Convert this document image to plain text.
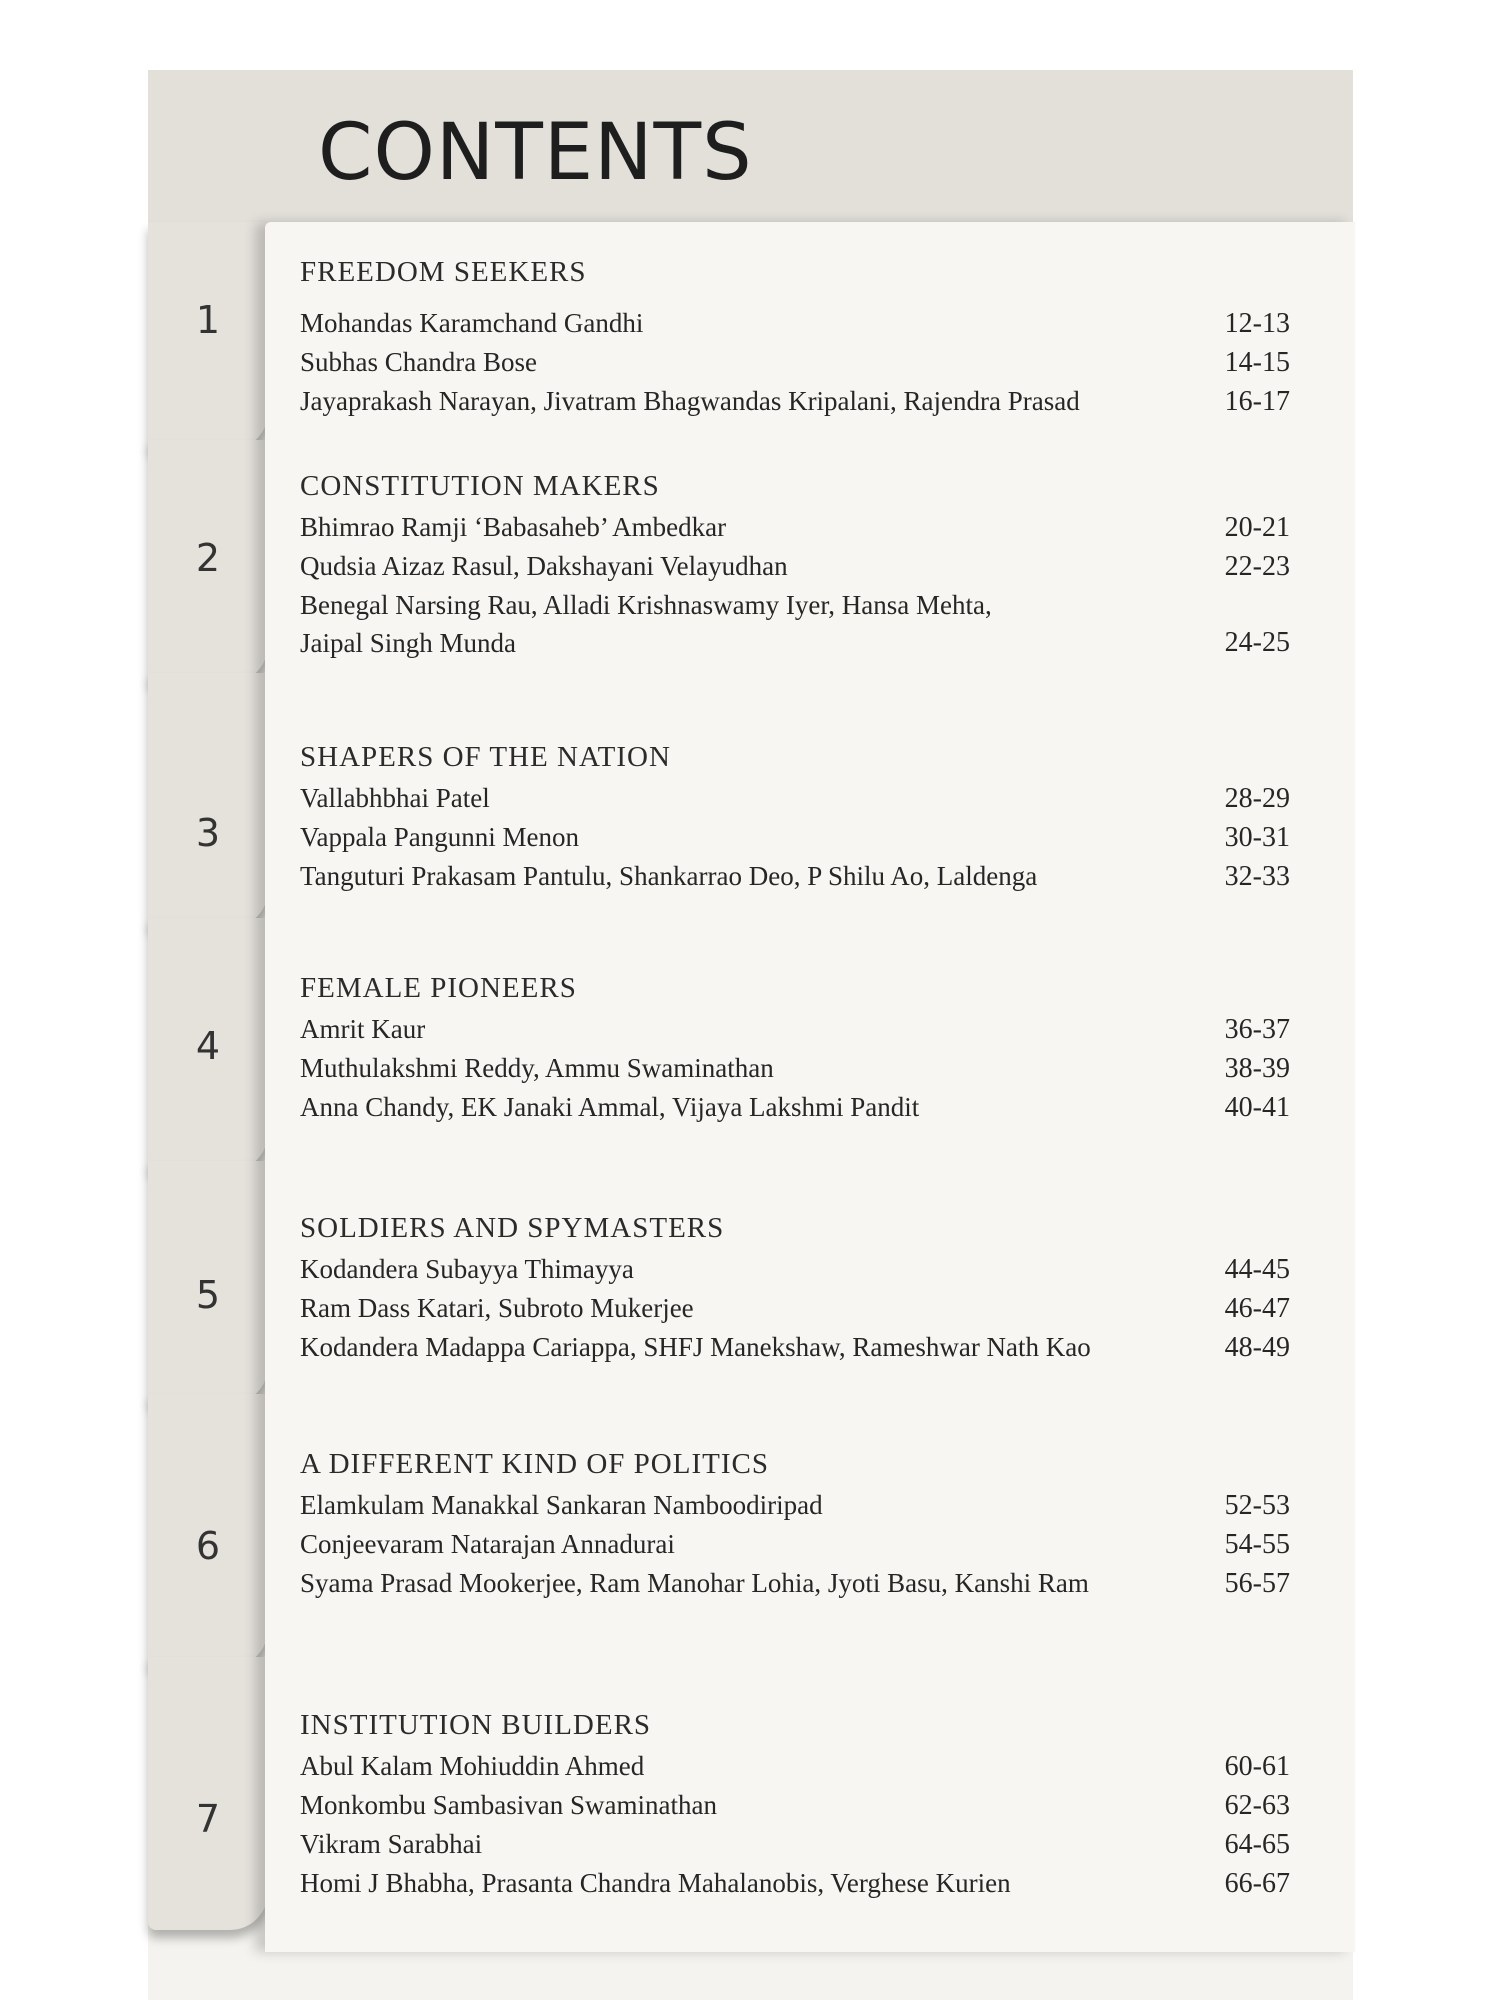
CONTENTS
1
2
3
4
5
6
7
FREEDOM SEEKERS
Mohandas Karamchand Gandhi	12-13
Subhas Chandra Bose	14-15
Jayaprakash Narayan, Jivatram Bhagwandas Kripalani, Rajendra Prasad	16-17
CONSTITUTION MAKERS
Bhimrao Ramji ‘Babasaheb’ Ambedkar	20-21
Qudsia Aizaz Rasul, Dakshayani Velayudhan	22-23
Benegal Narsing Rau, Alladi Krishnaswamy Iyer, Hansa Mehta, Jaipal Singh Munda	24-25
SHAPERS OF THE NATION
Vallabhbhai Patel	28-29
Vappala Pangunni Menon	30-31
Tanguturi Prakasam Pantulu, Shankarrao Deo, P Shilu Ao, Laldenga	32-33
FEMALE PIONEERS
Amrit Kaur	36-37
Muthulakshmi Reddy, Ammu Swaminathan	38-39
Anna Chandy, EK Janaki Ammal, Vijaya Lakshmi Pandit	40-41
SOLDIERS AND SPYMASTERS
Kodandera Subayya Thimayya	44-45
Ram Dass Katari, Subroto Mukerjee	46-47
Kodandera Madappa Cariappa, SHFJ Manekshaw, Rameshwar Nath Kao	48-49
A DIFFERENT KIND OF POLITICS
Elamkulam Manakkal Sankaran Namboodiripad	52-53
Conjeevaram Natarajan Annadurai	54-55
Syama Prasad Mookerjee, Ram Manohar Lohia, Jyoti Basu, Kanshi Ram	56-57
INSTITUTION BUILDERS
Abul Kalam Mohiuddin Ahmed	60-61
Monkombu Sambasivan Swaminathan	62-63
Vikram Sarabhai	64-65
Homi J Bhabha, Prasanta Chandra Mahalanobis, Verghese Kurien	66-67
